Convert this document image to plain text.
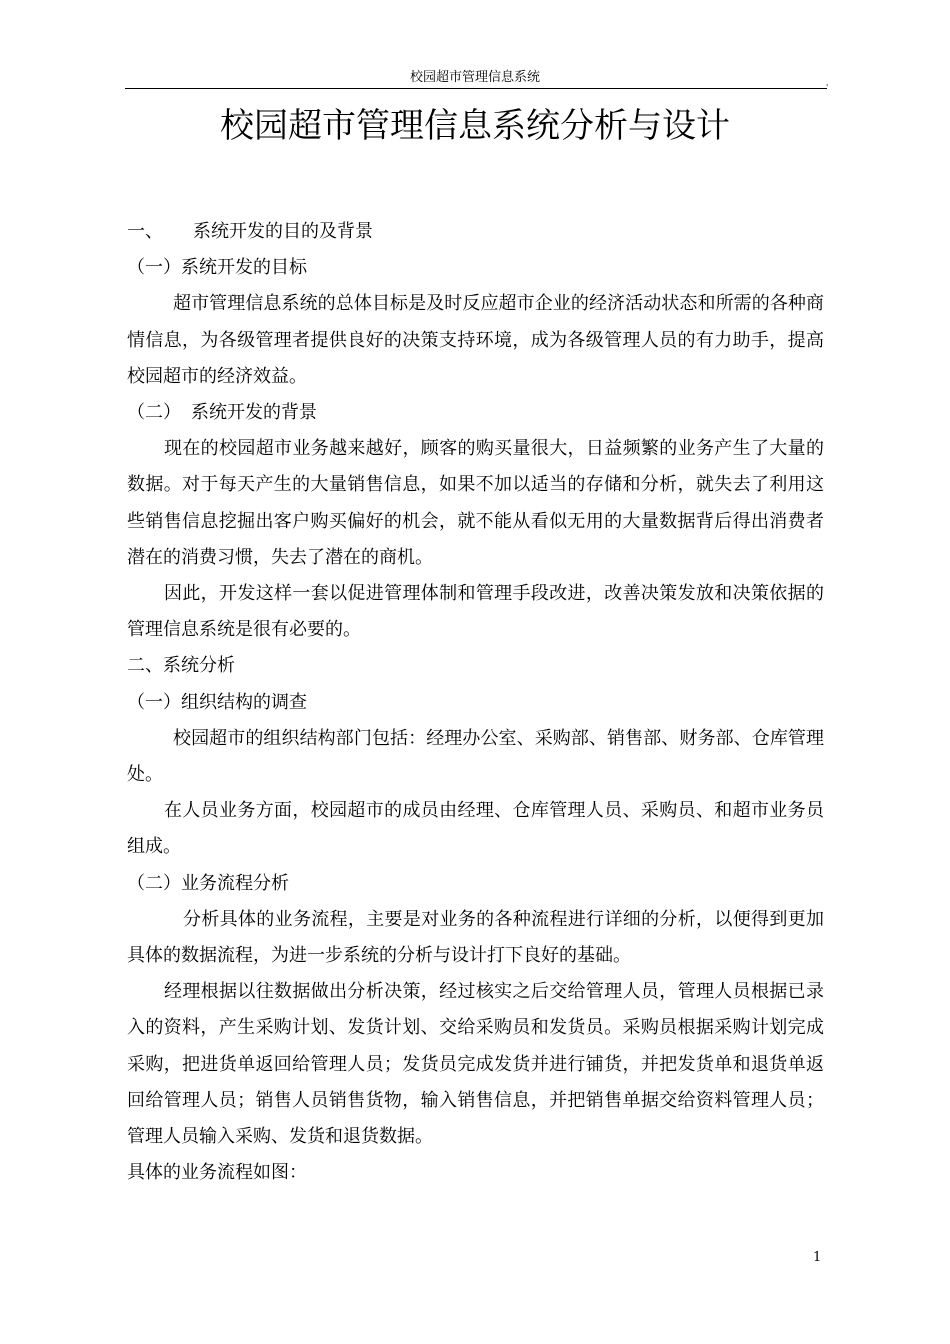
校园超市管理信息系统
'
校园超市管理信息系统分析与设计

一、 系统开发的目的及背景

（一）系统开发的目标

超市管理信息系统的总体目标是及时反应超市企业的经济活动状态和所需的各种商情信息，为各级管理者提供良好的决策支持环境，成为各级管理人员的有力助手，提高校园超市的经济效益。

（二） 系统开发的背景

现在的校园超市业务越来越好，顾客的购买量很大，日益频繁的业务产生了大量的数据。对于每天产生的大量销售信息，如果不加以适当的存储和分析，就失去了利用这些销售信息挖掘出客户购买偏好的机会，就不能从看似无用的大量数据背后得出消费者潜在的消费习惯，失去了潜在的商机。

因此，开发这样一套以促进管理体制和管理手段改进，改善决策发放和决策依据的管理信息系统是很有必要的。

二、系统分析

（一）组织结构的调查

校园超市的组织结构部门包括：经理办公室、采购部、销售部、财务部、仓库管理处。

在人员业务方面，校园超市的成员由经理、仓库管理人员、采购员、和超市业务员组成。

（二）业务流程分析

分析具体的业务流程，主要是对业务的各种流程进行详细的分析，以便得到更加具体的数据流程，为进一步系统的分析与设计打下良好的基础。

经理根据以往数据做出分析决策，经过核实之后交给管理人员，管理人员根据已录入的资料，产生采购计划、发货计划、交给采购员和发货员。采购员根据采购计划完成采购，把进货单返回给管理人员；发货员完成发货并进行铺货，并把发货单和退货单返回给管理人员；销售人员销售货物，输入销售信息，并把销售单据交给资料管理人员；管理人员输入采购、发货和退货数据。

具体的业务流程如图：

1
